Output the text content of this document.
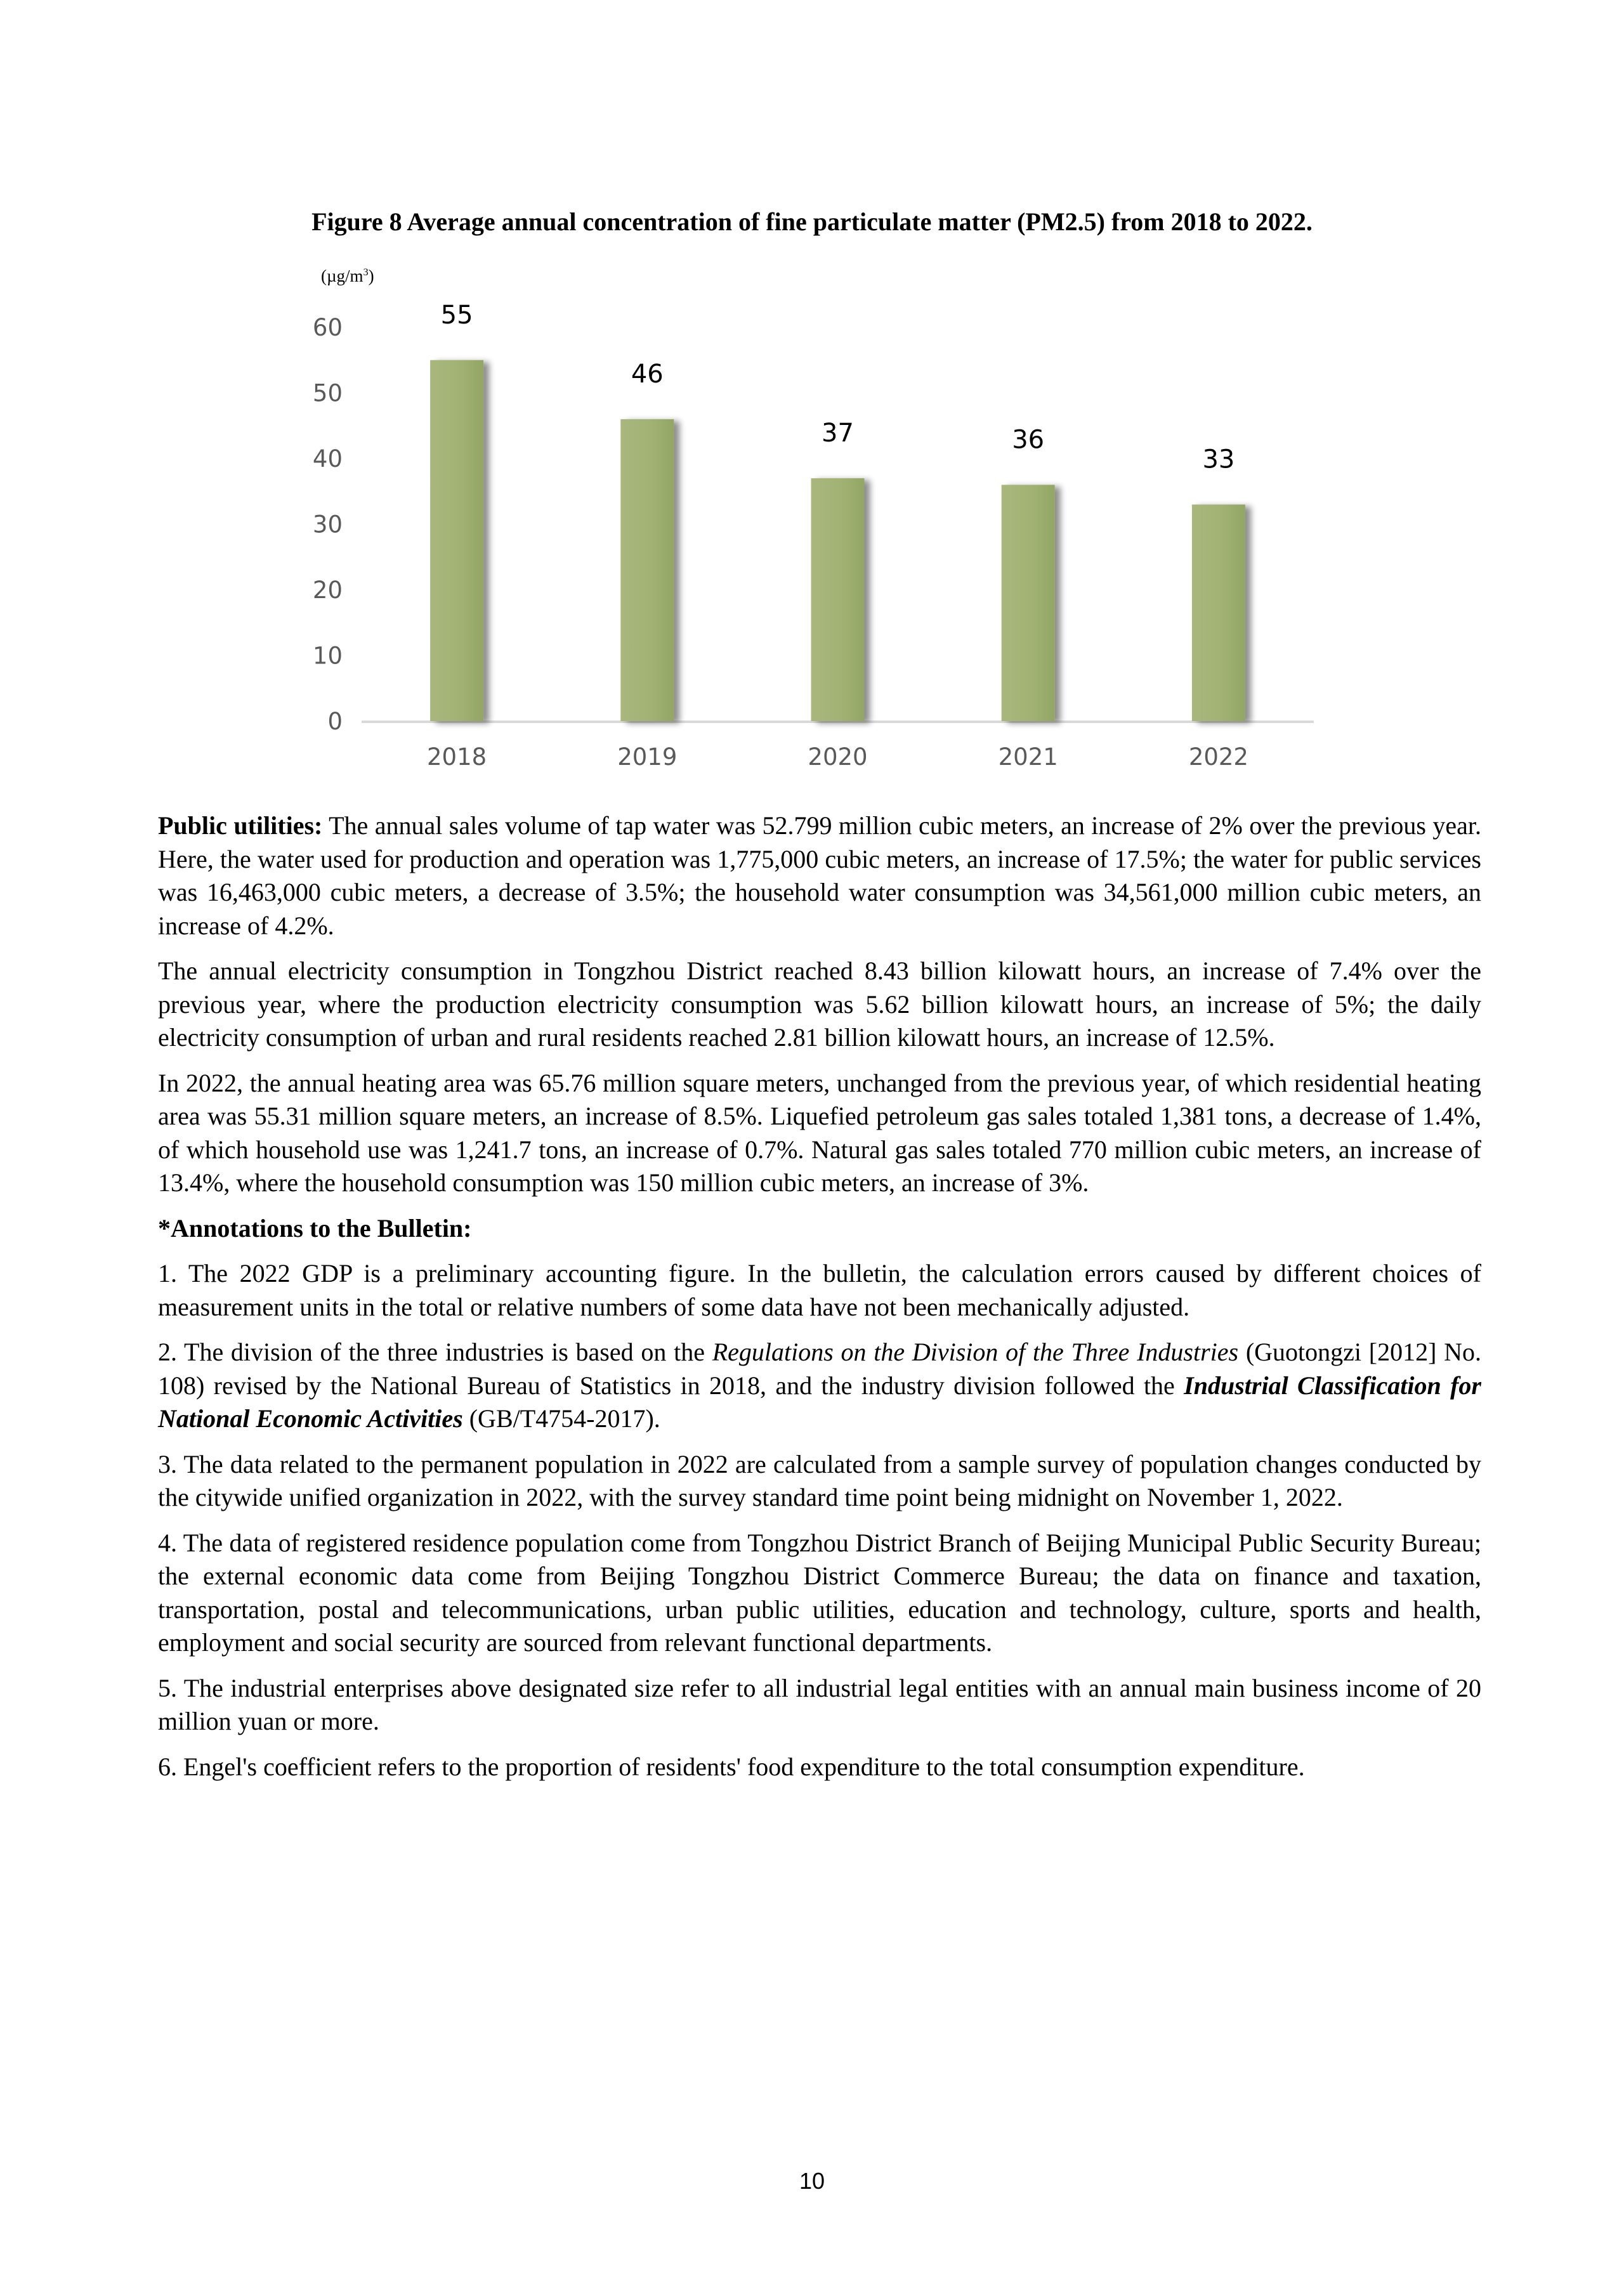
Figure 8 Average annual concentration of fine particulate matter (PM2.5) from 2018 to 2022.
0
10
20
30
40
50
60	55
2018
46
2019
37
2020
36
2021
33
2022
$(\mu g/m^3)$

Public utilities: The annual sales volume of tap water was 52.799 million cubic meters, an increase of 2% over the previous year. Here, the water used for production and operation was 1,775,000 cubic meters, an increase of 17.5%; the water for public services was 16,463,000 cubic meters, a decrease of 3.5%; the household water consumption was 34,561,000 million cubic meters, an increase of 4.2%.

The annual electricity consumption in Tongzhou District reached 8.43 billion kilowatt hours, an increase of 7.4% over the previous year, where the production electricity consumption was 5.62 billion kilowatt hours, an increase of 5%; the daily electricity consumption of urban and rural residents reached 2.81 billion kilowatt hours, an increase of 12.5%.

In 2022, the annual heating area was 65.76 million square meters, unchanged from the previous year, of which residential heating area was 55.31 million square meters, an increase of 8.5%. Liquefied petroleum gas sales totaled 1,381 tons, a decrease of 1.4%, of which household use was 1,241.7 tons, an increase of 0.7%. Natural gas sales totaled 770 million cubic meters, an increase of 13.4%, where the household consumption was 150 million cubic meters, an increase of 3%.

*Annotations to the Bulletin:

1. The 2022 GDP is a preliminary accounting figure. In the bulletin, the calculation errors caused by different choices of measurement units in the total or relative numbers of some data have not been mechanically adjusted.

2. The division of the three industries is based on the Regulations on the Division of the Three Industries (Guotongzi [2012] No. 108) revised by the National Bureau of Statistics in 2018, and the industry division followed the Industrial Classification for National Economic Activities (GB/T4754-2017).

3. The data related to the permanent population in 2022 are calculated from a sample survey of population changes conducted by the citywide unified organization in 2022, with the survey standard time point being midnight on November 1, 2022.

4. The data of registered residence population come from Tongzhou District Branch of Beijing Municipal Public Security Bureau; the external economic data come from Beijing Tongzhou District Commerce Bureau; the data on finance and taxation, transportation, postal and telecommunications, urban public utilities, education and technology, culture, sports and health, employment and social security are sourced from relevant functional departments.

5. The industrial enterprises above designated size refer to all industrial legal entities with an annual main business income of 20 million yuan or more.

6. Engel's coefficient refers to the proportion of residents' food expenditure to the total consumption expenditure.

10
